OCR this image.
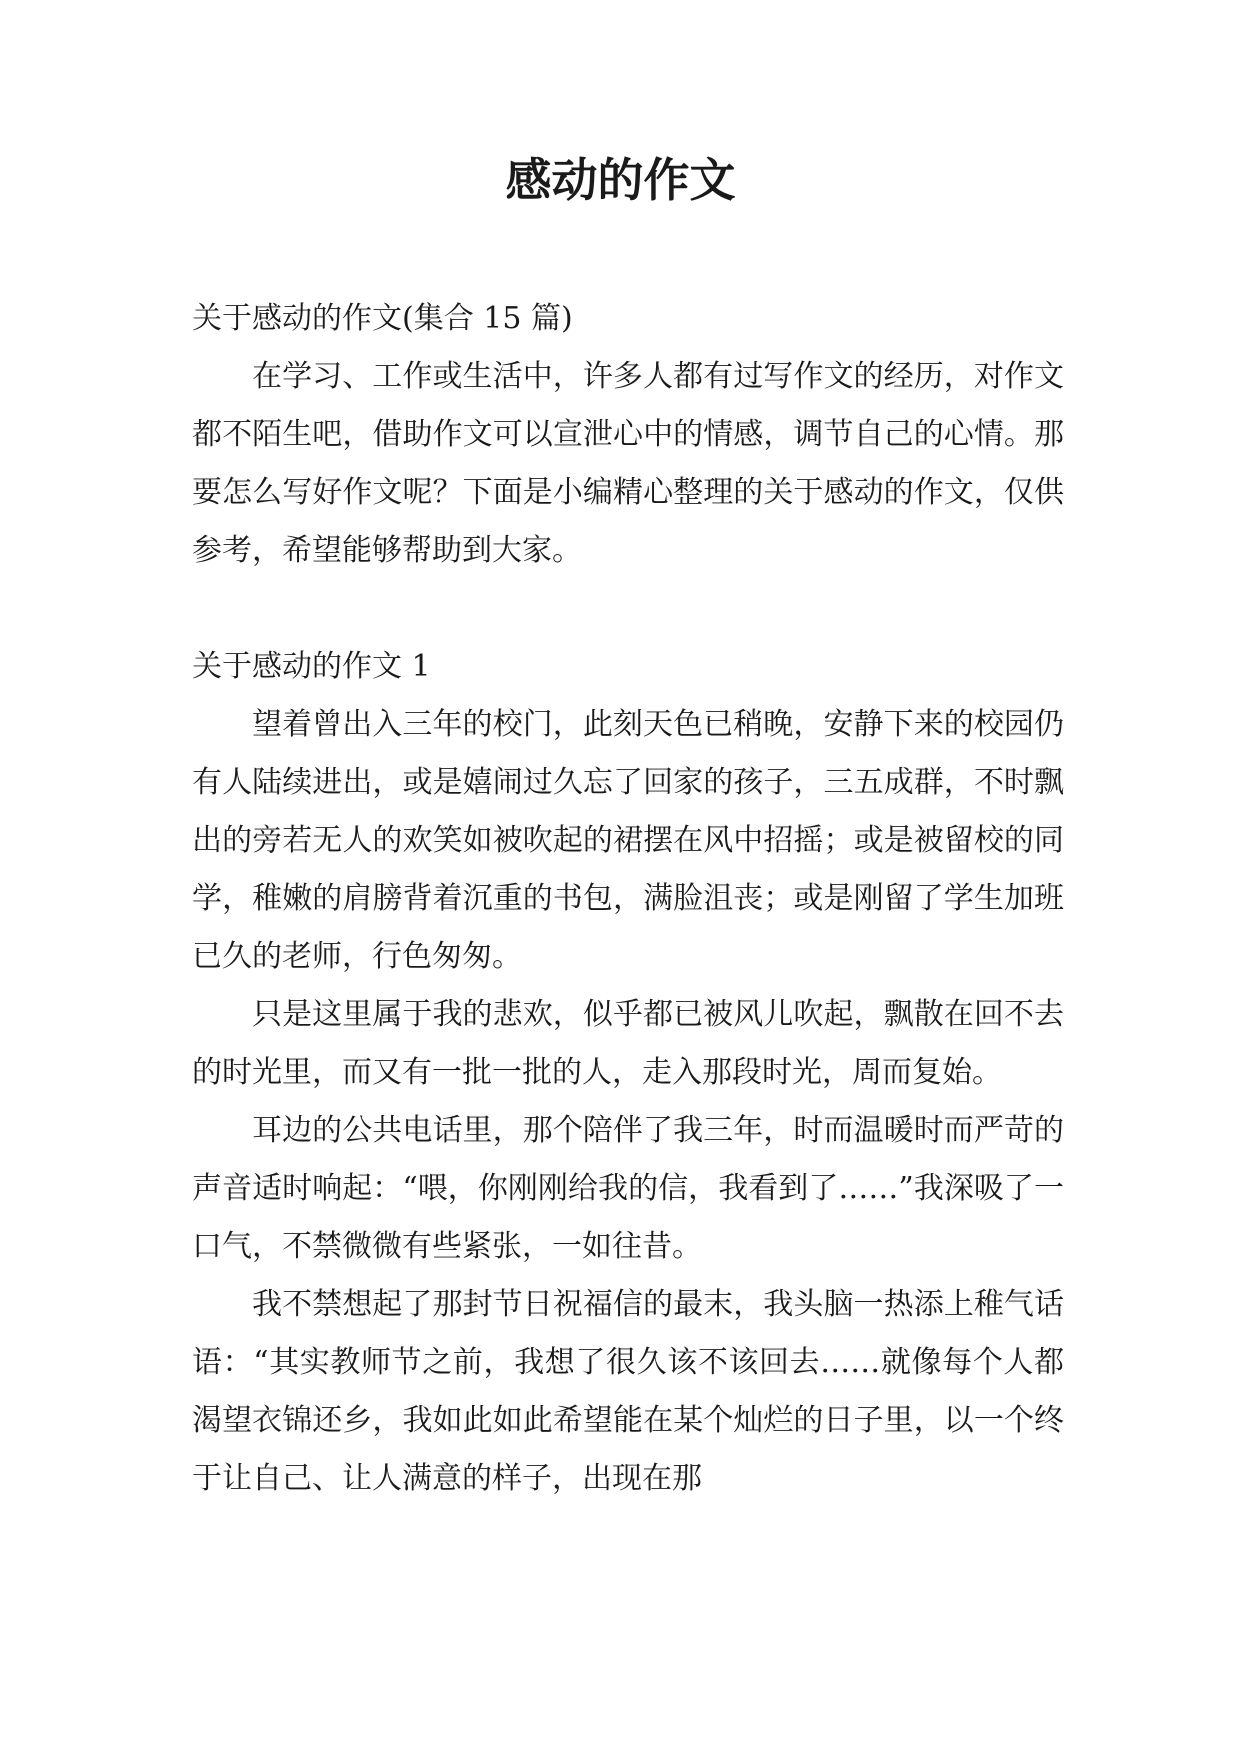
感动的作文

关于感动的作文(集合 15 篇)

在学习、工作或生活中，许多人都有过写作文的经历，对作文都不陌生吧，借助作文可以宣泄心中的情感，调节自己的心情。那要怎么写好作文呢？下面是小编精心整理的关于感动的作文，仅供参考，希望能够帮助到大家。

关于感动的作文 1

望着曾出入三年的校门，此刻天色已稍晚，安静下来的校园仍有人陆续进出，或是嬉闹过久忘了回家的孩子，三五成群，不时飘出的旁若无人的欢笑如被吹起的裙摆在风中招摇；或是被留校的同学，稚嫩的肩膀背着沉重的书包，满脸沮丧；或是刚留了学生加班已久的老师，行色匆匆。

只是这里属于我的悲欢，似乎都已被风儿吹起，飘散在回不去的时光里，而又有一批一批的人，走入那段时光，周而复始。

耳边的公共电话里，那个陪伴了我三年，时而温暖时而严苛的声音适时响起：“喂，你刚刚给我的信，我看到了……”我深吸了一口气，不禁微微有些紧张，一如往昔。

我不禁想起了那封节日祝福信的最末，我头脑一热添上稚气话语：“其实教师节之前，我想了很久该不该回去……就像每个人都渴望衣锦还乡，我如此如此希望能在某个灿烂的日子里，以一个终于让自己、让人满意的样子，出现在那
